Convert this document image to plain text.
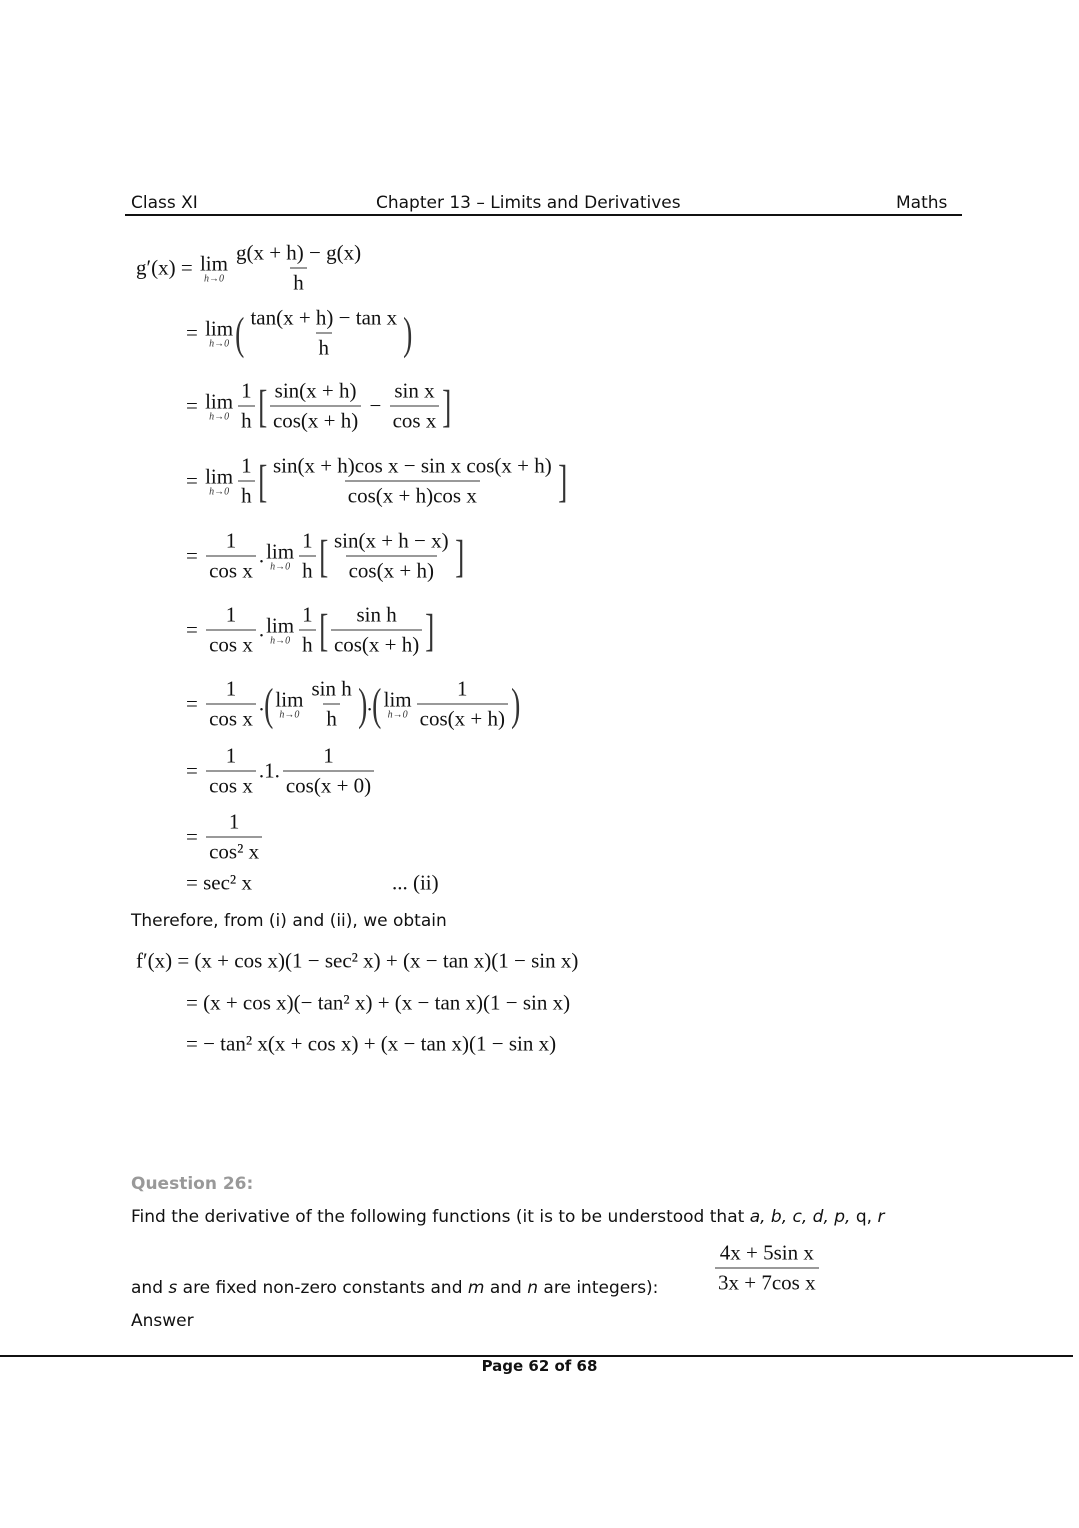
Class XI	Chapter 13 – Limits and Derivatives	Maths
g′(x) = lim
$h\to 0 \frac{g(x + h) - g(x)}{h}$
= lim
h→0 ( $\frac{\text{tan(x + h) − tan x}}{h}$ )
= lim
$h\to 0 \frac{1}{h}$ [ $\frac{\sin(x + h)}{\cos(x + h)} - \frac{\text{sin x}}{\text{cos x}}$ ]
= lim
$h\to 0 \frac{1}{h}$ [ $\frac{\text{sin(x + h)cos x − sin x cos(x + h)}}{\text{cos(x + h)cos x}}$ ]
= $\frac{1}{\text{cos x}}$ . lim
$h\to 0 \frac{1}{h}$ [ $\frac{\sin(x + h - x)}{\cos(x + h)}$ ]
= $\frac{1}{\text{cos x}}$ . lim
$h\to 0 \frac{1}{h}$ [ $\frac{\text{sin h}}{\cos(x + h)}$ ]
= $\frac{1}{\text{cos x}}$ . ( lim
$h\to 0 \frac{\text{sin h}}{h}$ ) . ( lim
$h\to 0 \frac{1}{\cos(x + h)}$ )
= $\frac{1}{\text{cos x}} .1$. $\frac{1}{\cos(x + 0)}$
= $\frac{1}{\text{cos² x}}$
= sec² x	... (ii)
Therefore, from (i) and (ii), we obtain
f′(x) = (x + cos x)(1 − sec² x) + (x − tan x)(1 − sin x)
= (x + cos x)(− tan² x) + (x − tan x)(1 − sin x)
= − tan² x(x + cos x) + (x − tan x)(1 − sin x)
Question 26:
Find the derivative of the following functions (it is to be understood that a, b, c, d, p, q, r
and s are fixed non-zero constants and m and n are integers):	$\frac{\text{4x + 5sin x}}{\text{3x + 7cos x}}$
Answer
Page 62 of 68
